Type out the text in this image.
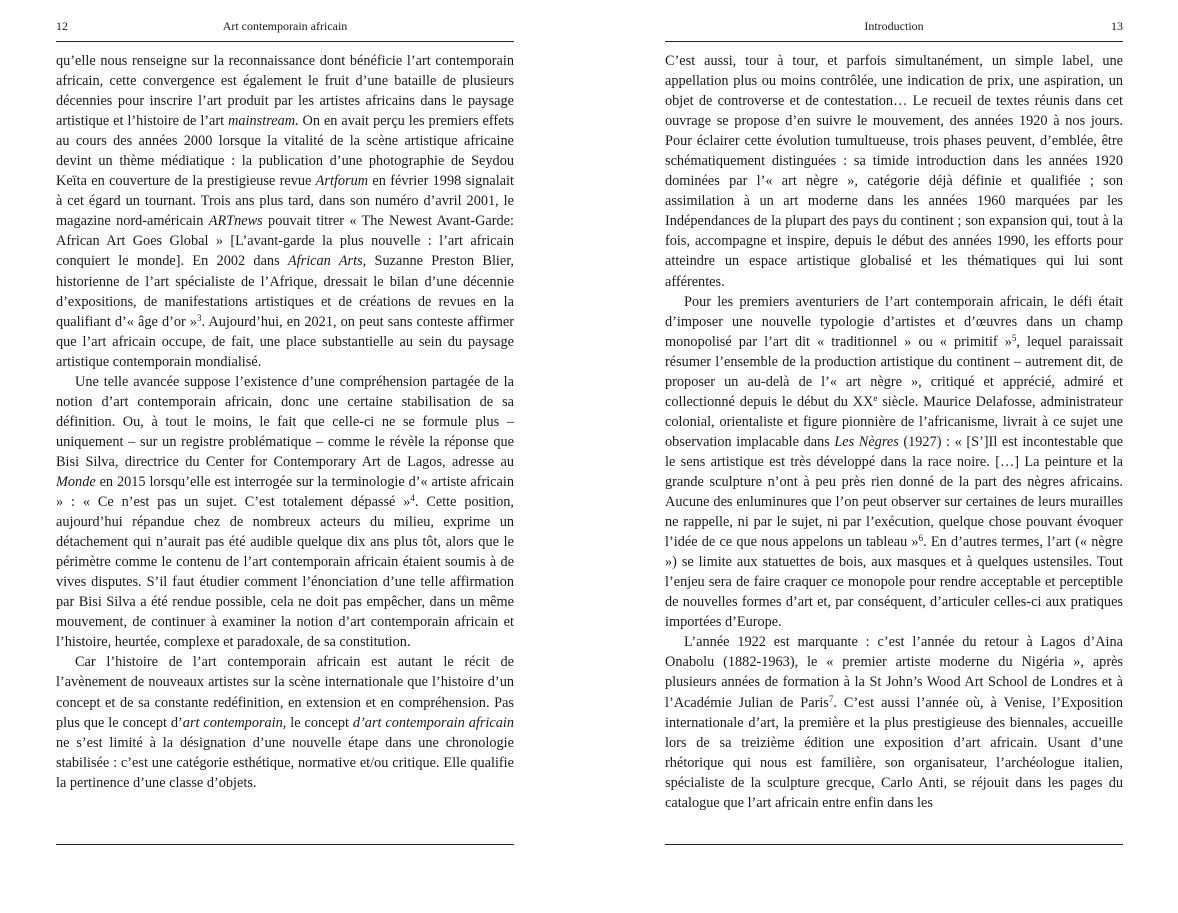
12	Art contemporain africain

qu’elle nous renseigne sur la reconnaissance dont bénéficie l’art contemporain africain, cette convergence est également le fruit d’une bataille de plusieurs décennies pour inscrire l’art produit par les artistes africains dans le paysage artistique et l’histoire de l’art mainstream. On en avait perçu les premiers effets au cours des années 2000 lorsque la vitalité de la scène artistique africaine devint un thème médiatique : la publication d’une photographie de Seydou Keïta en couverture de la prestigieuse revue Artforum en février 1998 signalait à cet égard un tournant. Trois ans plus tard, dans son numéro d’avril 2001, le magazine nord-américain ARTnews pouvait titrer « The Newest Avant-Garde: African Art Goes Global » [L’avant-garde la plus nouvelle : l’art africain conquiert le monde]. En 2002 dans African Arts, Suzanne Preston Blier, historienne de l’art spécialiste de l’Afrique, dressait le bilan d’une décennie d’expositions, de manifestations artistiques et de créations de revues en la qualifiant d’« âge d’or »$^3$. Aujourd’hui, en 2021, on peut sans conteste affirmer que l’art africain occupe, de fait, une place substantielle au sein du paysage artistique contemporain mondialisé.

Une telle avancée suppose l’existence d’une compréhension partagée de la notion d’art contemporain africain, donc une certaine stabilisation de sa définition. Ou, à tout le moins, le fait que celle-ci ne se formule plus – uniquement – sur un registre problématique – comme le révèle la réponse que Bisi Silva, directrice du Center for Contemporary Art de Lagos, adresse au Monde en 2015 lorsqu’elle est interrogée sur la terminologie d’« artiste africain » : « Ce n’est pas un sujet. C’est totalement dépassé »$^4$. Cette position, aujourd’hui répandue chez de nombreux acteurs du milieu, exprime un détachement qui n’aurait pas été audible quelque dix ans plus tôt, alors que le périmètre comme le contenu de l’art contemporain africain étaient soumis à de vives disputes. S’il faut étudier comment l’énonciation d’une telle affirmation par Bisi Silva a été rendue possible, cela ne doit pas empêcher, dans un même mouvement, de continuer à examiner la notion d’art contemporain africain et l’histoire, heurtée, complexe et paradoxale, de sa constitution.

Car l’histoire de l’art contemporain africain est autant le récit de l’avènement de nouveaux artistes sur la scène internationale que l’histoire d’un concept et de sa constante redéfinition, en extension et en compréhension. Pas plus que le concept d’art contemporain, le concept d’art contemporain africain ne s’est limité à la désignation d’une nouvelle étape dans une chronologie stabilisée : c’est une catégorie esthétique, normative et/ou critique. Elle qualifie la pertinence d’une classe d’objets.

Introduction	13

C’est aussi, tour à tour, et parfois simultanément, un simple label, une appellation plus ou moins contrôlée, une indication de prix, une aspiration, un objet de controverse et de contestation… Le recueil de textes réunis dans cet ouvrage se propose d’en suivre le mouvement, des années 1920 à nos jours. Pour éclairer cette évolution tumultueuse, trois phases peuvent, d’emblée, être schématiquement distinguées : sa timide introduction dans les années 1920 dominées par l’« art nègre », catégorie déjà définie et qualifiée ; son assimilation à un art moderne dans les années 1960 marquées par les Indépendances de la plupart des pays du continent ; son expansion qui, tout à la fois, accompagne et inspire, depuis le début des années 1990, les efforts pour atteindre un espace artistique globalisé et les thématiques qui lui sont afférentes.

Pour les premiers aventuriers de l’art contemporain africain, le défi était d’imposer une nouvelle typologie d’artistes et d’œuvres dans un champ monopolisé par l’art dit « traditionnel » ou « primitif »$^5$, lequel paraissait résumer l’ensemble de la production artistique du continent – autrement dit, de proposer un au-delà de l’« art nègre », critiqué et apprécié, admiré et collectionné depuis le début du XXe siècle. Maurice Delafosse, administrateur colonial, orientaliste et figure pionnière de l’africanisme, livrait à ce sujet une observation implacable dans Les Nègres (1927) : « [S’]Il est incontestable que le sens artistique est très développé dans la race noire. […] La peinture et la grande sculpture n’ont à peu près rien donné de la part des nègres africains. Aucune des enluminures que l’on peut observer sur certaines de leurs murailles ne rappelle, ni par le sujet, ni par l’exécution, quelque chose pouvant évoquer l’idée de ce que nous appelons un tableau »$^6$. En d’autres termes, l’art (« nègre ») se limite aux statuettes de bois, aux masques et à quelques ustensiles. Tout l’enjeu sera de faire craquer ce monopole pour rendre acceptable et perceptible de nouvelles formes d’art et, par conséquent, d’articuler celles-ci aux pratiques importées d’Europe.

L’année 1922 est marquante : c’est l’année du retour à Lagos d’Aina Onabolu (1882-1963), le « premier artiste moderne du Nigéria », après plusieurs années de formation à la St John’s Wood Art School de Londres et à l’Académie Julian de Paris$^7$. C’est aussi l’année où, à Venise, l’Exposition internationale d’art, la première et la plus prestigieuse des biennales, accueille lors de sa treizième édition une exposition d’art africain. Usant d’une rhétorique qui nous est familière, son organisateur, l’archéologue italien, spécialiste de la sculpture grecque, Carlo Anti, se réjouit dans les pages du catalogue que l’art africain entre enfin dans les
